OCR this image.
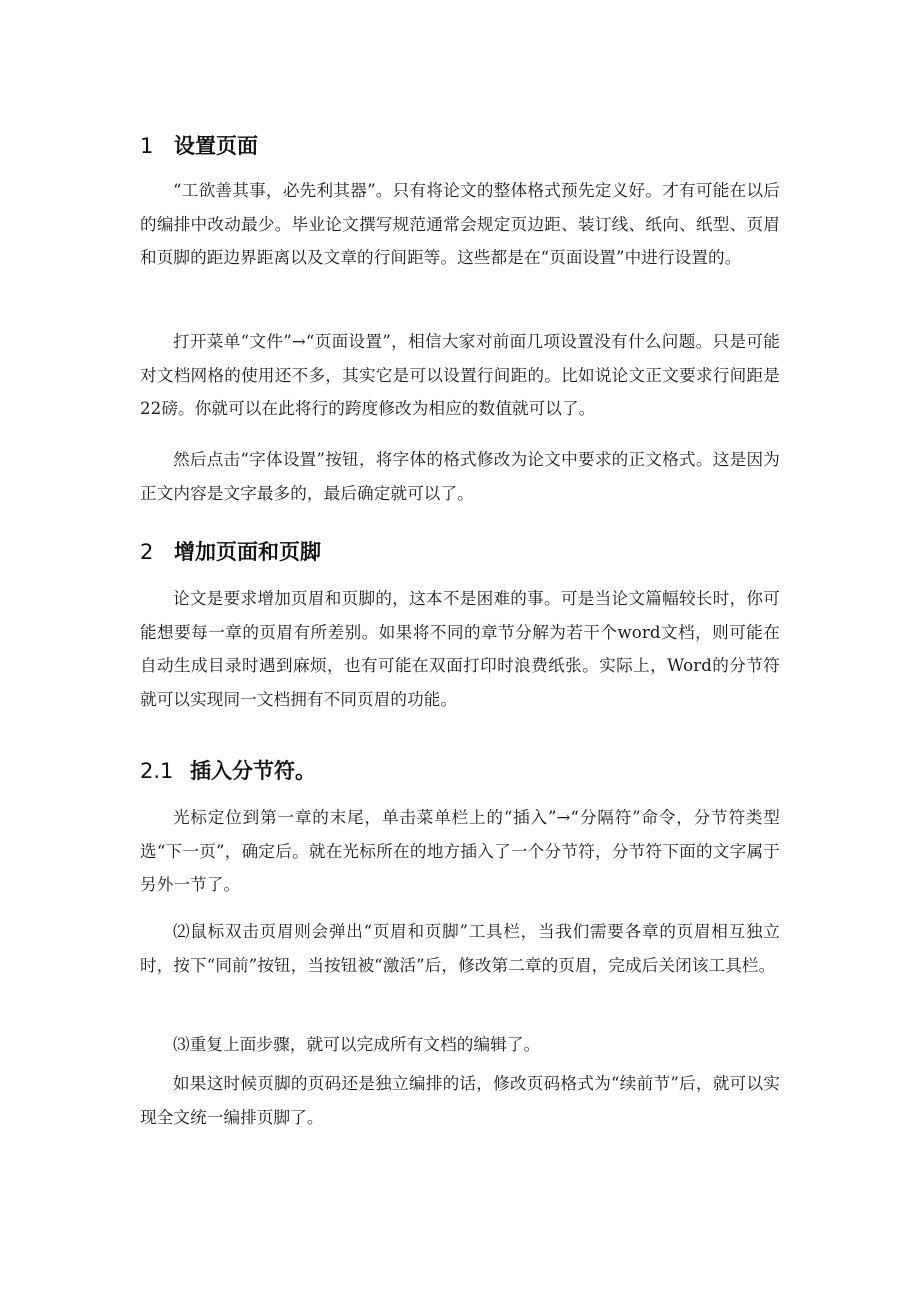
1 设置页面

“工欲善其事，必先利其器”。只有将论文的整体格式预先定义好。才有可能在以后的编排中改动最少。毕业论文撰写规范通常会规定页边距、装订线、纸向、纸型、页眉和页脚的距边界距离以及文章的行间距等。这些都是在“页面设置”中进行设置的。

打开菜单“文件”→“页面设置”，相信大家对前面几项设置没有什么问题。只是可能对文档网格的使用还不多，其实它是可以设置行间距的。比如说论文正文要求行间距是22磅。你就可以在此将行的跨度修改为相应的数值就可以了。

然后点击“字体设置”按钮，将字体的格式修改为论文中要求的正文格式。这是因为正文内容是文字最多的，最后确定就可以了。

2 增加页面和页脚

论文是要求增加页眉和页脚的，这本不是困难的事。可是当论文篇幅较长时，你可能想要每一章的页眉有所差别。如果将不同的章节分解为若干个word文档，则可能在自动生成目录时遇到麻烦，也有可能在双面打印时浪费纸张。实际上，Word的分节符就可以实现同一文档拥有不同页眉的功能。

2.1 插入分节符。

光标定位到第一章的末尾，单击菜单栏上的“插入”→“分隔符”命令，分节符类型选“下一页”，确定后。就在光标所在的地方插入了一个分节符，分节符下面的文字属于另外一节了。

⑵鼠标双击页眉则会弹出“页眉和页脚”工具栏，当我们需要各章的页眉相互独立时，按下“同前”按钮，当按钮被“激活”后，修改第二章的页眉，完成后关闭该工具栏。

⑶重复上面步骤，就可以完成所有文档的编辑了。

如果这时候页脚的页码还是独立编排的话，修改页码格式为“续前节”后，就可以实现全文统一编排页脚了。
